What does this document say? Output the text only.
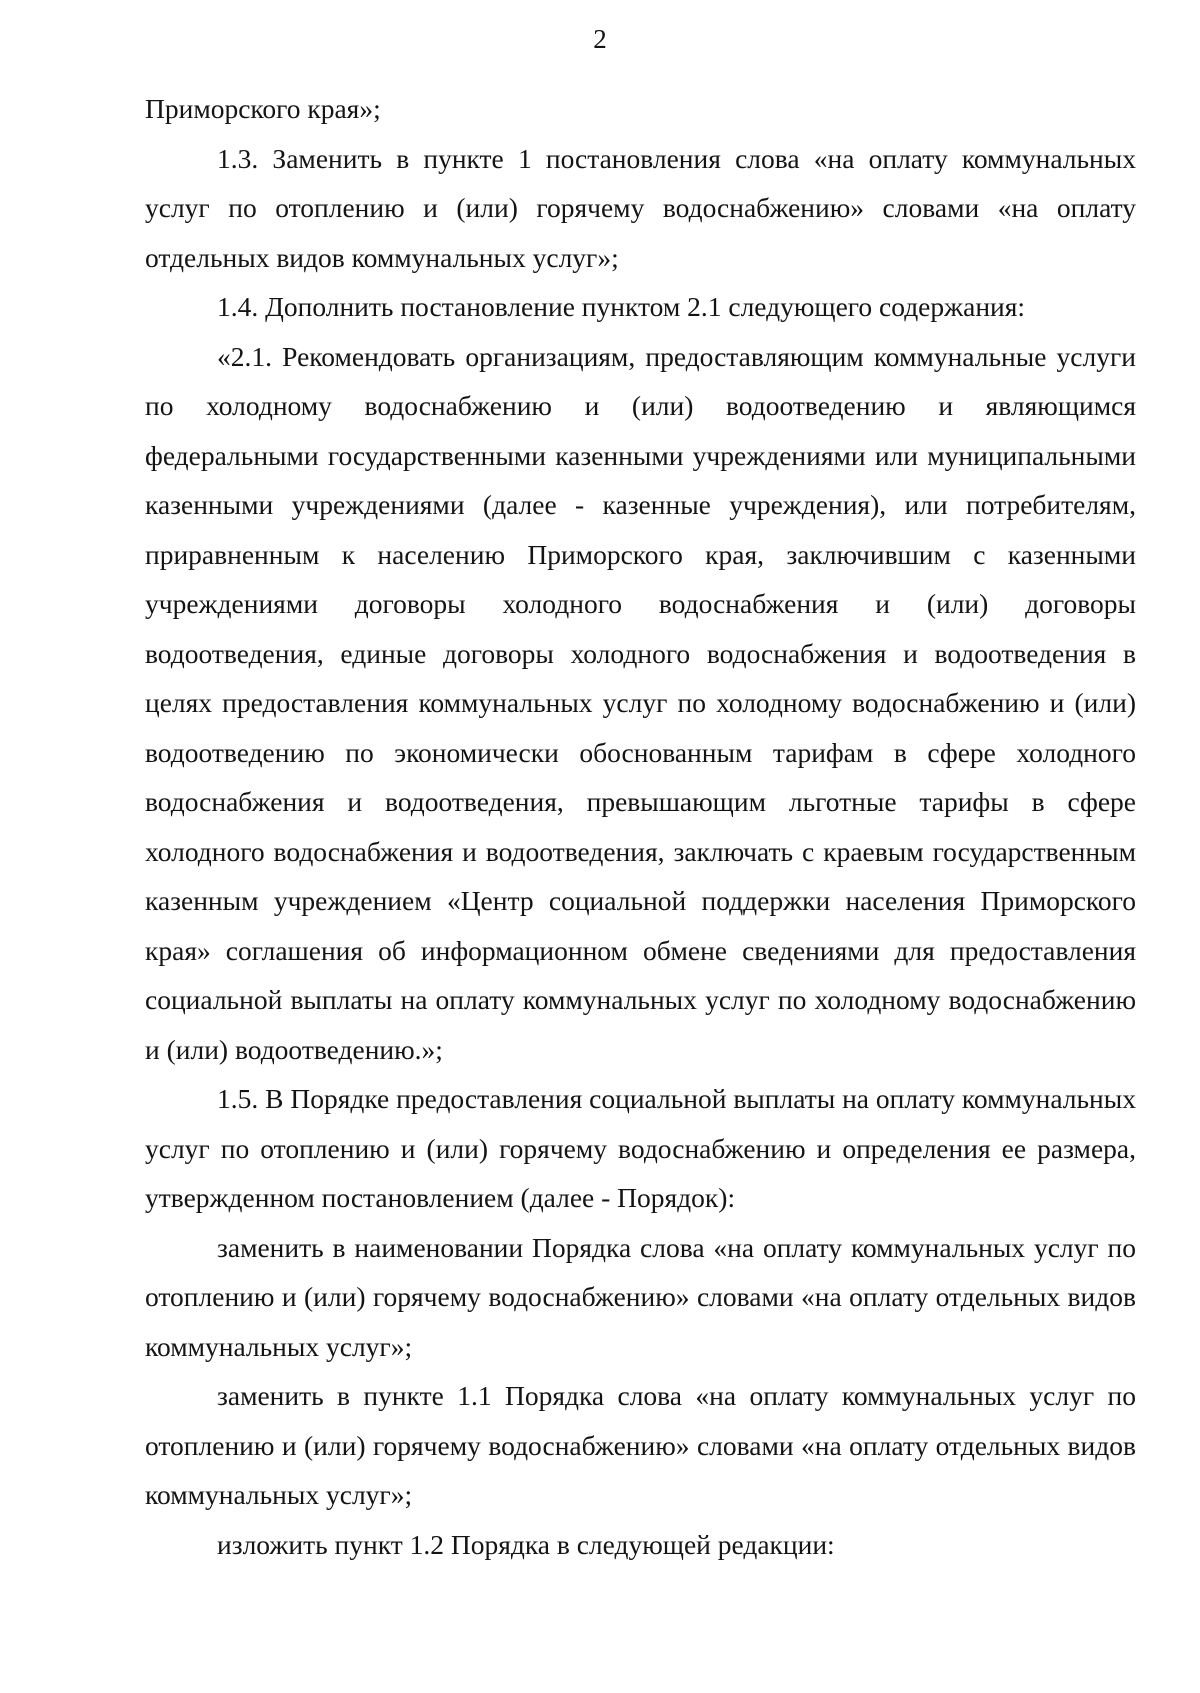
2

Приморского края»;

1.3. Заменить в пункте 1 постановления слова «на оплату коммунальных услуг по отоплению и (или) горячему водоснабжению» словами «на оплату отдельных видов коммунальных услуг»;

1.4. Дополнить постановление пунктом 2.1 следующего содержания:

«2.1. Рекомендовать организациям, предоставляющим коммунальные услуги по холодному водоснабжению и (или) водоотведению и являющимся федеральными государственными казенными учреждениями или муниципальными казенными учреждениями (далее - казенные учреждения), или потребителям, приравненным к населению Приморского края, заключившим с казенными учреждениями договоры холодного водоснабжения и (или) договоры водоотведения, единые договоры холодного водоснабжения и водоотведения в целях предоставления коммунальных услуг по холодному водоснабжению и (или) водоотведению по экономически обоснованным тарифам в сфере холодного водоснабжения и водоотведения, превышающим льготные тарифы в сфере холодного водоснабжения и водоотведения, заключать с краевым государственным казенным учреждением «Центр социальной поддержки населения Приморского края» соглашения об информационном обмене сведениями для предоставления социальной выплаты на оплату коммунальных услуг по холодному водоснабжению и (или) водоотведению.»;

1.5. В Порядке предоставления социальной выплаты на оплату коммунальных услуг по отоплению и (или) горячему водоснабжению и определения ее размера, утвержденном постановлением (далее - Порядок):

заменить в наименовании Порядка слова «на оплату коммунальных услуг по отоплению и (или) горячему водоснабжению» словами «на оплату отдельных видов коммунальных услуг»;

заменить в пункте 1.1 Порядка слова «на оплату коммунальных услуг по отоплению и (или) горячему водоснабжению» словами «на оплату отдельных видов коммунальных услуг»;

изложить пункт 1.2 Порядка в следующей редакции:
